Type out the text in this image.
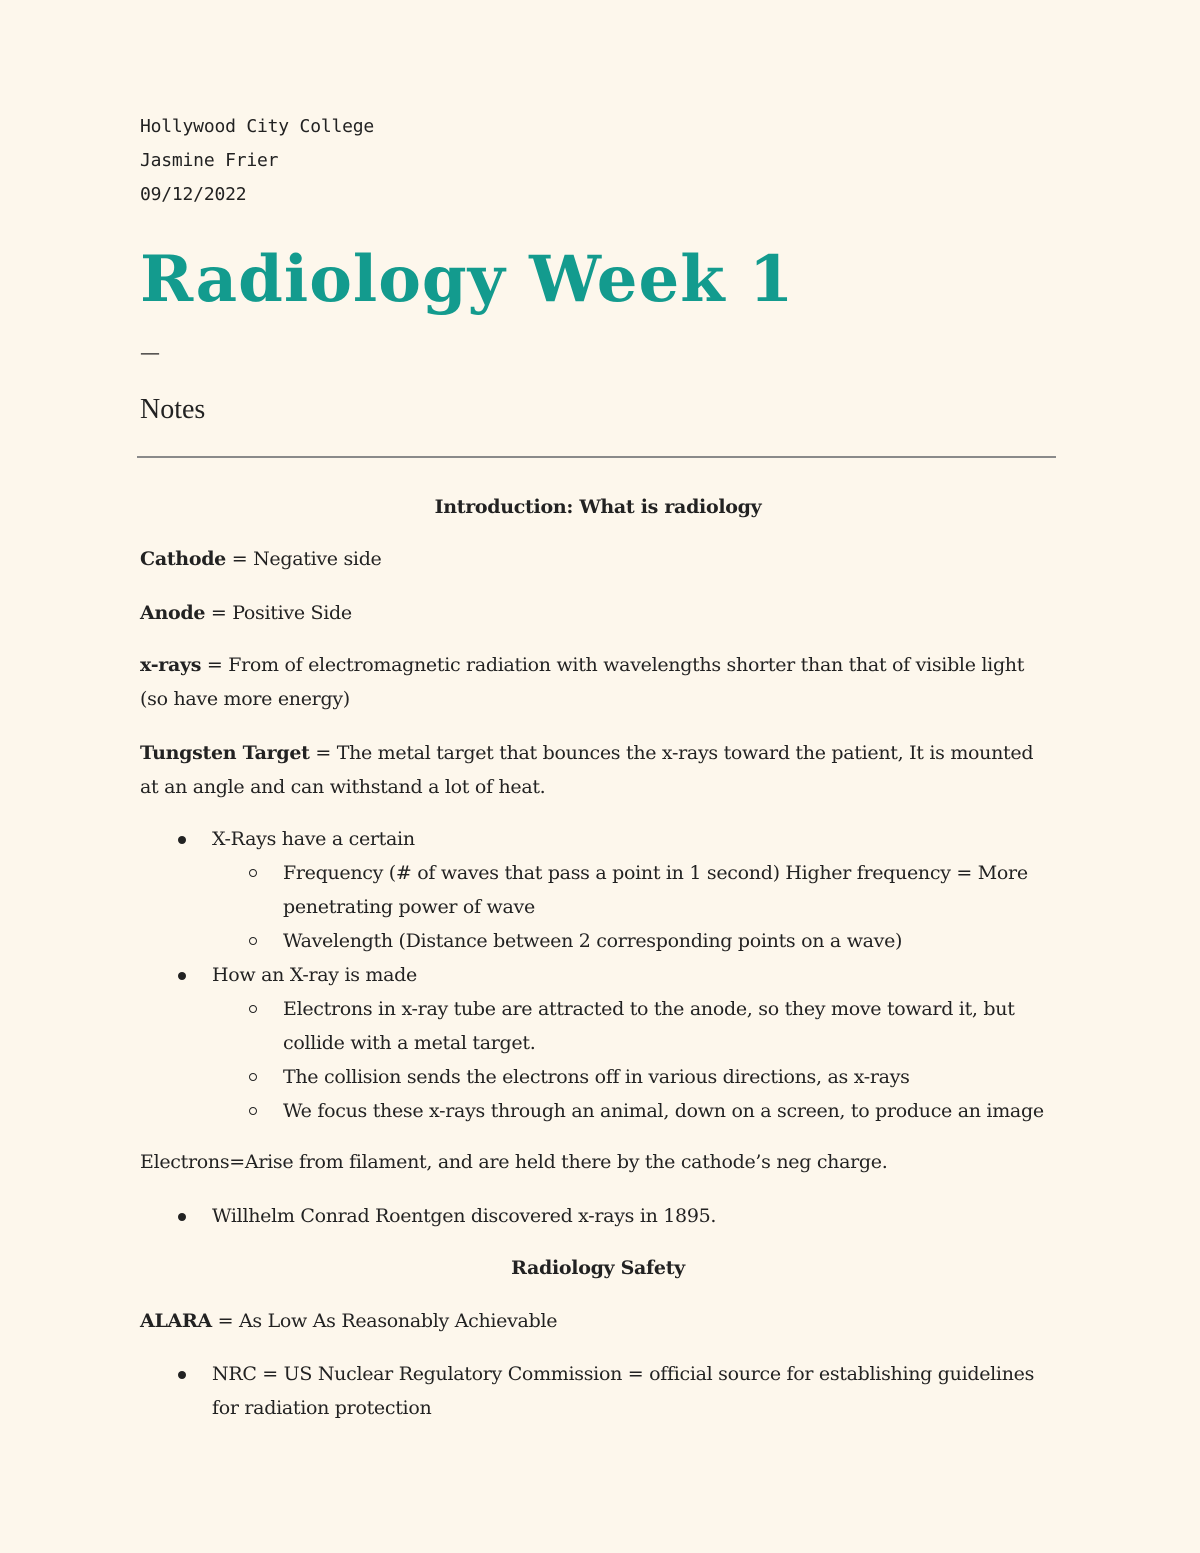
Hollywood City College
Jasmine Frier
09/12/2022
Radiology Week 1
—
Notes
Introduction: What is radiology
Cathode = Negative side
Anode = Positive Side
x-rays = From of electromagnetic radiation with wavelengths shorter than that of visible light (so have more energy)
Tungsten Target = The metal target that bounces the x-rays toward the patient, It is mounted at an angle and can withstand a lot of heat.
X-Rays have a certain
Frequency (# of waves that pass a point in 1 second) Higher frequency = More penetrating power of wave
Wavelength (Distance between 2 corresponding points on a wave)
How an X-ray is made
Electrons in x-ray tube are attracted to the anode, so they move toward it, but collide with a metal target.
The collision sends the electrons off in various directions, as x-rays
We focus these x-rays through an animal, down on a screen, to produce an image
Electrons=Arise from filament, and are held there by the cathode’s neg charge.
Willhelm Conrad Roentgen discovered x-rays in 1895.
Radiology Safety
ALARA = As Low As Reasonably Achievable
NRC = US Nuclear Regulatory Commission = official source for establishing guidelines for radiation protection
